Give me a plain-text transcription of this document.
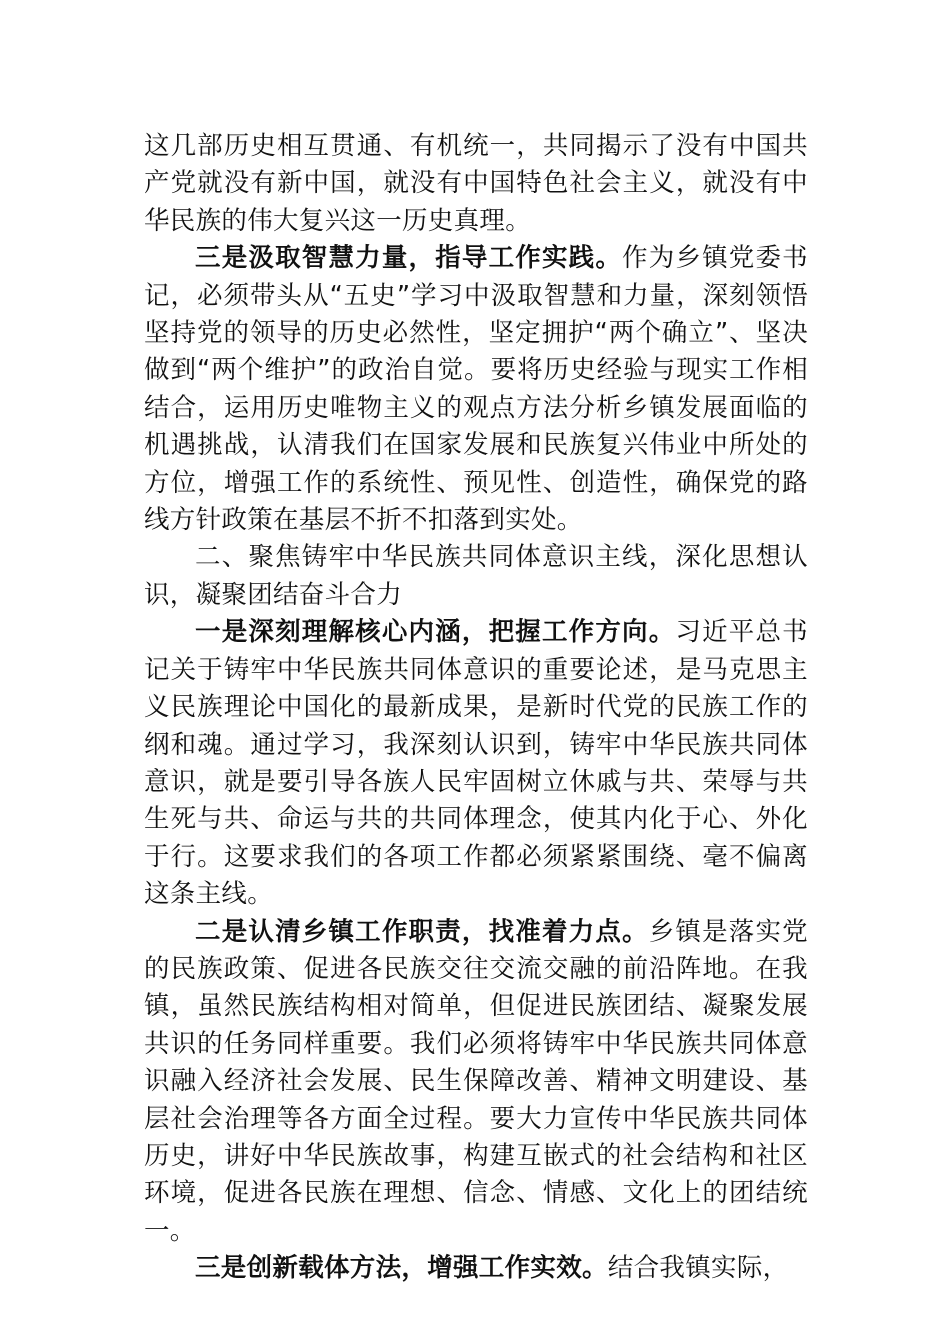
这几部历史相互贯通、有机统一，共同揭示了没有中国共产党就没有新中国，就没有中国特色社会主义，就没有中华民族的伟大复兴这一历史真理。

三是汲取智慧力量，指导工作实践。作为乡镇党委书记，必须带头从“五史”学习中汲取智慧和力量，深刻领悟坚持党的领导的历史必然性，坚定拥护“两个确立”、坚决做到“两个维护”的政治自觉。要将历史经验与现实工作相结合，运用历史唯物主义的观点方法分析乡镇发展面临的机遇挑战，认清我们在国家发展和民族复兴伟业中所处的方位，增强工作的系统性、预见性、创造性，确保党的路线方针政策在基层不折不扣落到实处。

二、聚焦铸牢中华民族共同体意识主线，深化思想认识，凝聚团结奋斗合力

一是深刻理解核心内涵，把握工作方向。习近平总书记关于铸牢中华民族共同体意识的重要论述，是马克思主义民族理论中国化的最新成果，是新时代党的民族工作的纲和魂。通过学习，我深刻认识到，铸牢中华民族共同体意识，就是要引导各族人民牢固树立休戚与共、荣辱与共生死与共、命运与共的共同体理念，使其内化于心、外化于行。这要求我们的各项工作都必须紧紧围绕、毫不偏离这条主线。

二是认清乡镇工作职责，找准着力点。乡镇是落实党的民族政策、促进各民族交往交流交融的前沿阵地。在我镇，虽然民族结构相对简单，但促进民族团结、凝聚发展共识的任务同样重要。我们必须将铸牢中华民族共同体意识融入经济社会发展、民生保障改善、精神文明建设、基层社会治理等各方面全过程。要大力宣传中华民族共同体历史，讲好中华民族故事，构建互嵌式的社会结构和社区环境，促进各民族在理想、信念、情感、文化上的团结统一。

三是创新载体方法，增强工作实效。结合我镇实际，
